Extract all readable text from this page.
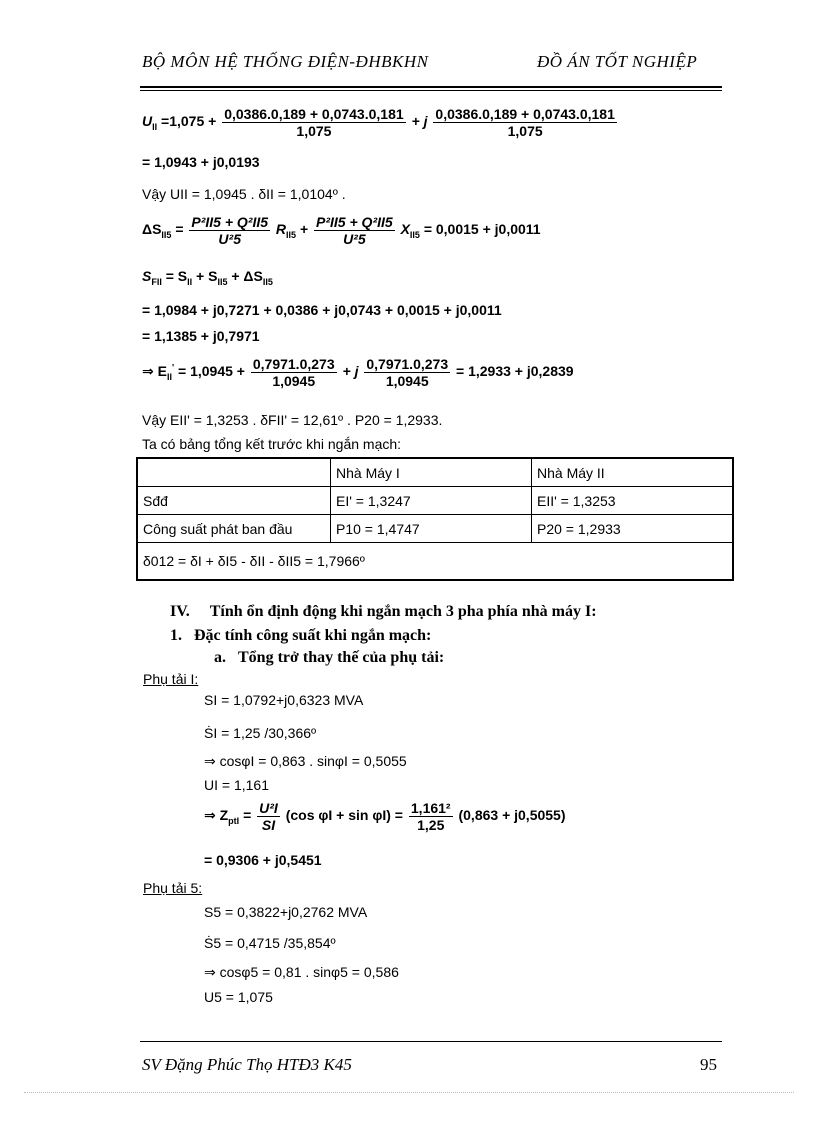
BỘ MÔN HỆ THỐNG ĐIỆN-ĐHBKHN	ĐỒ ÁN TỐT NGHIỆP
$U_{II} =1,075 + \frac{0,0386.0,189 + 0,0743.0,181}{1,075} + j \frac{0,0386.0,189 + 0,0743.0,181}{1,075}$
= 1,0943 + j0,0193
Vậy UII = 1,0945 . δII = 1,0104º .
$\Delta S_{II5} = \frac{\text{P²II5 + Q²II5}}{\text{U²5}} R_{II5} + \frac{\text{P²II5 + Q²II5}}{\text{U²5}} X_{II5} = 0,0015 + j0,0011$
$S_{FII} = S_{II} + S_{II5} + \Delta S_{II5}$
= 1,0984 + j0,7271 + 0,0386 + j0,0743 + 0,0015 + j0,0011
= 1,1385 + j0,7971
⇒ $E_{II}' = 1,0945 + \frac{0,7971.0,273}{1,0945} + j \frac{0,7971.0,273}{1,0945} = 1,2933 + j0,2839$
Vậy EII' = 1,3253 . δFII' = 12,61º . P20 = 1,2933.
Ta có bảng tổng kết trước khi ngắn mạch:
	Nhà Máy I	Nhà Máy II
Sđđ	EI' = 1,3247	EII' = 1,3253
Công suất phát ban đầu	P10 = 1,4747	P20 = 1,2933
δ012 = δI + δI5 - δII - δII5 = 1,7966º		
IV. Tính ổn định động khi ngắn mạch 3 pha phía nhà máy I:
1. Đặc tính công suất khi ngắn mạch:
a. Tổng trở thay thế của phụ tải:
Phụ tải I:
SI = 1,0792+j0,6323 MVA
ṠI = 1,25 /30,366º
⇒ cosφI = 0,863 . sinφI = 0,5055
UI = 1,161
⇒ $Z_{ptI} = \frac{\text{U²I}}{SI} (\cos$ $\varphi I + \sin \varphi I) = \frac{\text{1,161²}}{1,25} (0,863 + j0,5055)$
= 0,9306 + j0,5451
Phụ tải 5:
S5 = 0,3822+j0,2762 MVA
Ṡ5 = 0,4715 /35,854º
⇒ cosφ5 = 0,81 . sinφ5 = 0,586
U5 = 1,075
SV Đặng Phúc Thọ HTĐ3 K45	95
